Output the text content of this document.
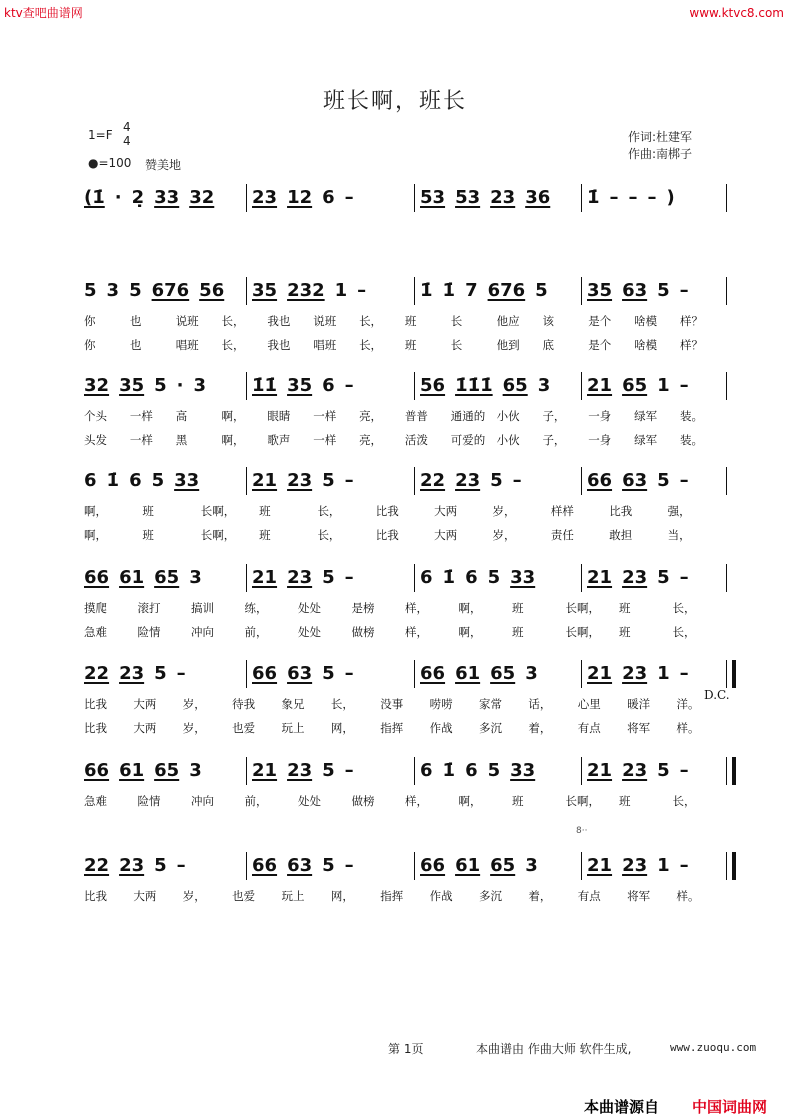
ktv查吧曲谱网	www.ktvc8.com
班长啊，班长
1=F
4
4
●=100 赞美地
作词:杜建军
作曲:南梆子
(1̇ · 2̣ 33 32 23 12 6 –	53 53 23 36 1̇ – – – )
5 3 5 676 56 35 232 1 –	1̇ 1̇ 7 676 5 35 63 5 –
你	也	说班	长，	我也	说班	长，	班	长	他应	该	是个	啥模	样？
你	也	唱班	长，	我也	唱班	长，	班	长	他到	底	是个	啥模	样？
32 35 5 · 3	1̇1̇ 35 6 –	56 1̇1̇1̇ 65 3 21 65 1 –
个头	一样	高	啊，	眼睛	一样	亮，	普普	通通的 小伙	子，	一身	绿军	装。
头发	一样	黑	啊，	歌声	一样	亮，	活泼	可爱的 小伙	子，	一身	绿军	装。
6 1̇ 6 5 33	21 23 5 –	22 23 5 –	66 63 5 –
啊，	班	长啊，	班	长，	比我	大两	岁，	样样	比我	强，
啊，	班	长啊，	班	长，	比我	大两	岁，	责任	敢担	当，
66 61 65 3	21 23 5 –	6 1̇ 6 5 33	21 23 5 –
摸爬	滚打	搞训	练，	处处	是榜	样，	啊，	班	长啊，	班	长，
急难	险情	冲向	前，	处处	做榜	样，	啊，	班	长啊，	班	长，
22 23 5 –	66 63 5 –	66 61 65 3	21 23 1 –
D.C.
比我	大两	岁，	待我	象兄	长，	没事	唠唠	家常	话，	心里	暖洋	洋。
比我	大两	岁，	也爱	玩上	网，	指挥	作战	多沉	着，	有点	将军	样。
66 61 65 3	21 23 5 –	6 1̇ 6 5 33	21 23 5 –
急难	险情	冲向	前，	处处	做榜	样，	啊，	班	长啊，	班	长，
22 23 5 –	66 63 5 –	66 61 65 3	21 23 1 –
比我	大两	岁，	也爱	玩上	网，	指挥	作战	多沉	着，	有点	将军	样。
8··
第 1页	本曲谱由 作曲大师 软件生成,	www.zuoqu.com
本曲谱源自 中国词曲网
